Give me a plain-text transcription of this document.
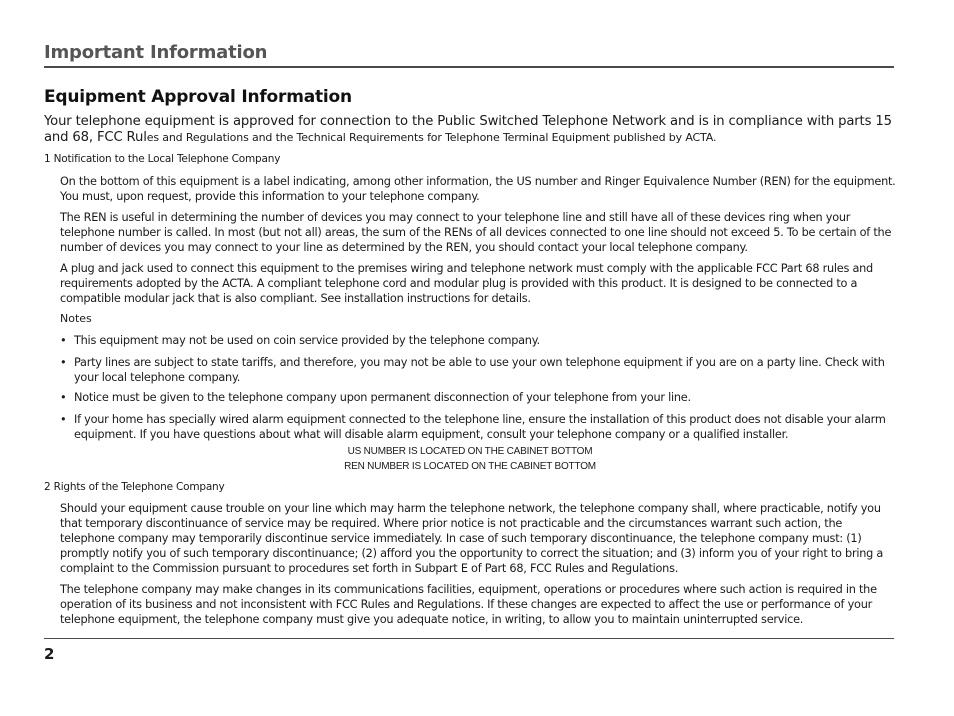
Important Information
Equipment Approval Information
Your telephone equipment is approved for connection to the Public Switched Telephone Network and is in compliance with parts 15 and 68, FCC Rules and Regulations and the Technical Requirements for Telephone Terminal Equipment published by ACTA.
1 Notification to the Local Telephone Company
On the bottom of this equipment is a label indicating, among other information, the US number and Ringer Equivalence Number (REN) for the equipment. You must, upon request, provide this information to your telephone company.
The REN is useful in determining the number of devices you may connect to your telephone line and still have all of these devices ring when your telephone number is called. In most (but not all) areas, the sum of the RENs of all devices connected to one line should not exceed 5. To be certain of the number of devices you may connect to your line as determined by the REN, you should contact your local telephone company.
A plug and jack used to connect this equipment to the premises wiring and telephone network must comply with the applicable FCC Part 68 rules and requirements adopted by the ACTA. A compliant telephone cord and modular plug is provided with this product. It is designed to be connected to a compatible modular jack that is also compliant. See installation instructions for details.
Notes
• This equipment may not be used on coin service provided by the telephone company.
• Party lines are subject to state tariffs, and therefore, you may not be able to use your own telephone equipment if you are on a party line. Check with your local telephone company.
• Notice must be given to the telephone company upon permanent disconnection of your telephone from your line.
• If your home has specially wired alarm equipment connected to the telephone line, ensure the installation of this product does not disable your alarm equipment. If you have questions about what will disable alarm equipment, consult your telephone company or a qualified installer.
US NUMBER IS LOCATED ON THE CABINET BOTTOM
REN NUMBER IS LOCATED ON THE CABINET BOTTOM
2 Rights of the Telephone Company
Should your equipment cause trouble on your line which may harm the telephone network, the telephone company shall, where practicable, notify you that temporary discontinuance of service may be required. Where prior notice is not practicable and the circumstances warrant such action, the telephone company may temporarily discontinue service immediately. In case of such temporary discontinuance, the telephone company must: (1) promptly notify you of such temporary discontinuance; (2) afford you the opportunity to correct the situation; and (3) inform you of your right to bring a complaint to the Commission pursuant to procedures set forth in Subpart E of Part 68, FCC Rules and Regulations.
The telephone company may make changes in its communications facilities, equipment, operations or procedures where such action is required in the operation of its business and not inconsistent with FCC Rules and Regulations. If these changes are expected to affect the use or performance of your telephone equipment, the telephone company must give you adequate notice, in writing, to allow you to maintain uninterrupted service.
2
